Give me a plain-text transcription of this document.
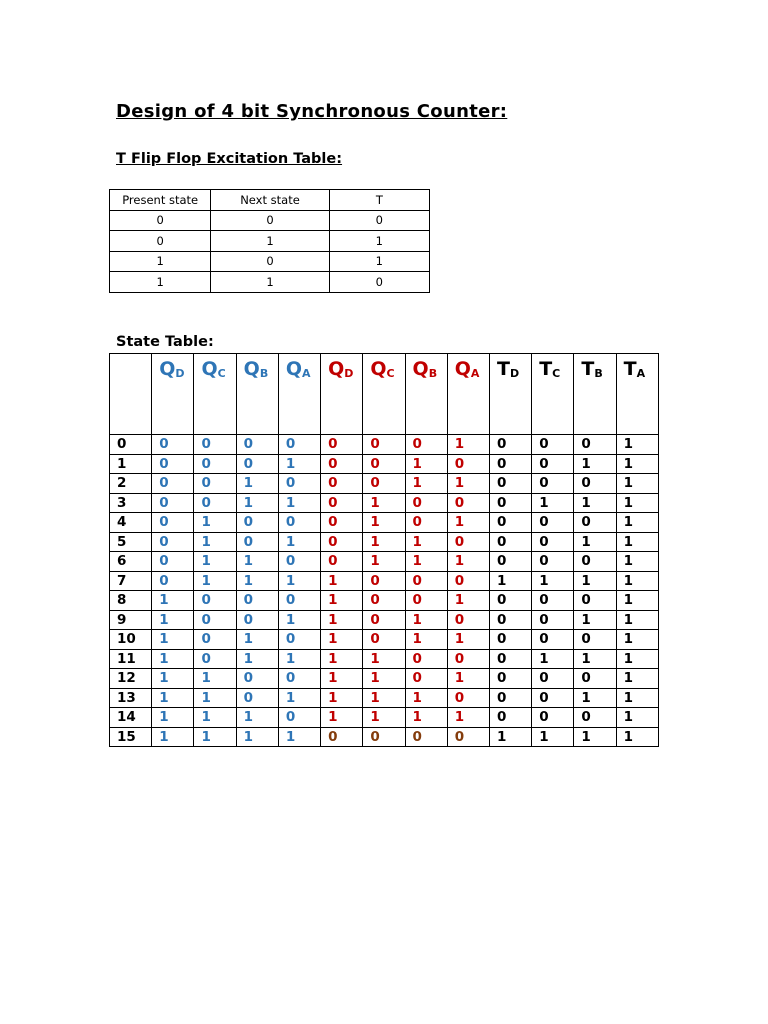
Design of 4 bit Synchronous Counter:
T Flip Flop Excitation Table:
Present state	Next state	T
0	0	0
0	1	1
1	0	1
1	1	0
State Table:
	$Q_D$	$Q_C$	$Q_B$	$Q_A$	$Q_D$	$Q_C$	$Q_B$	$Q_A$	$T_D$	$T_C$	$T_B$	$T_A$
0	0	0	0	0	0	0	0	1	0	0	0	1
1	0	0	0	1	0	0	1	0	0	0	1	1
2	0	0	1	0	0	0	1	1	0	0	0	1
3	0	0	1	1	0	1	0	0	0	1	1	1
4	0	1	0	0	0	1	0	1	0	0	0	1
5	0	1	0	1	0	1	1	0	0	0	1	1
6	0	1	1	0	0	1	1	1	0	0	0	1
7	0	1	1	1	1	0	0	0	1	1	1	1
8	1	0	0	0	1	0	0	1	0	0	0	1
9	1	0	0	1	1	0	1	0	0	0	1	1
10	1	0	1	0	1	0	1	1	0	0	0	1
11	1	0	1	1	1	1	0	0	0	1	1	1
12	1	1	0	0	1	1	0	1	0	0	0	1
13	1	1	0	1	1	1	1	0	0	0	1	1
14	1	1	1	0	1	1	1	1	0	0	0	1
15	1	1	1	1	0	0	0	0	1	1	1	1
